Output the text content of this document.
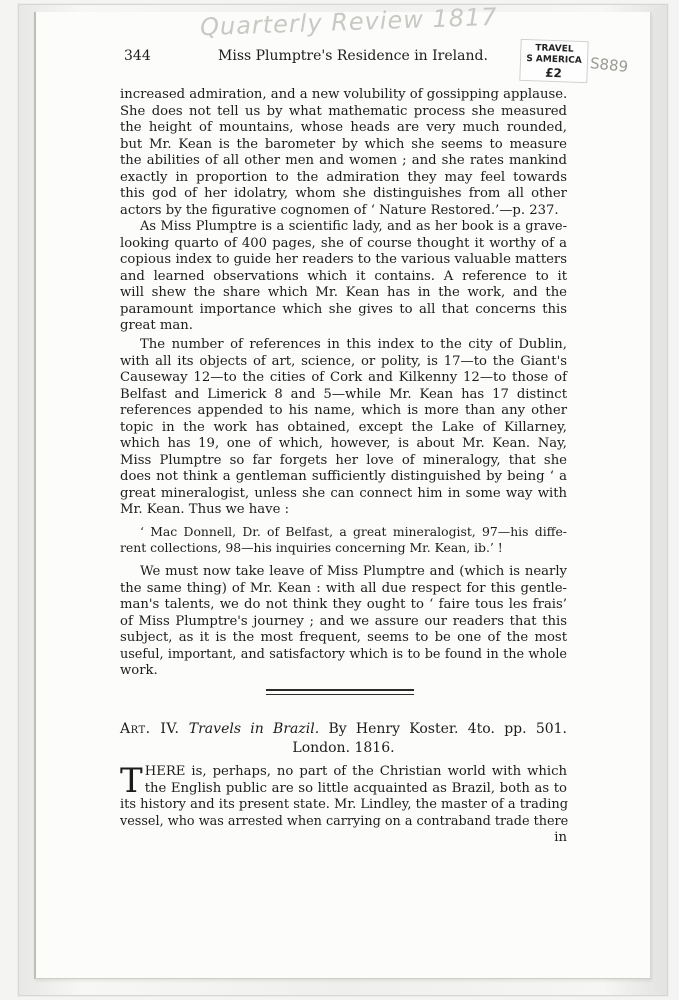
Quarterly Review 1817
TRAVEL
S AMERICA
£2	S889
344	Miss Plumptre's Residence in Ireland.
increased admiration, and a new volubility of gossipping applause.
She does not tell us by what mathematic process she measured
the height of mountains, whose heads are very much rounded,
but Mr. Kean is the barometer by which she seems to measure
the abilities of all other men and women ; and she rates mankind
exactly in proportion to the admiration they may feel towards
this god of her idolatry, whom she distinguishes from all other
actors by the figurative cognomen of ‘ Nature Restored.’—p. 237.
As Miss Plumptre is a scientific lady, and as her book is a grave-
looking quarto of 400 pages, she of course thought it worthy of a
copious index to guide her readers to the various valuable matters
and learned observations which it contains. A reference to it
will shew the share which Mr. Kean has in the work, and the
paramount importance which she gives to all that concerns this
great man.
The number of references in this index to the city of Dublin,
with all its objects of art, science, or polity, is 17—to the Giant's
Causeway 12—to the cities of Cork and Kilkenny 12—to those of
Belfast and Limerick 8 and 5—while Mr. Kean has 17 distinct
references appended to his name, which is more than any other
topic in the work has obtained, except the Lake of Killarney,
which has 19, one of which, however, is about Mr. Kean. Nay,
Miss Plumptre so far forgets her love of mineralogy, that she
does not think a gentleman sufficiently distinguished by being ‘ a
great mineralogist, unless she can connect him in some way with
Mr. Kean. Thus we have :
‘ Mac Donnell, Dr. of Belfast, a great mineralogist, 97—his diffe-
rent collections, 98—his inquiries concerning Mr. Kean, ib.’ !
We must now take leave of Miss Plumptre and (which is nearly
the same thing) of Mr. Kean : with all due respect for this gentle-
man's talents, we do not think they ought to ‘ faire tous les frais’
of Miss Plumptre's journey ; and we assure our readers that this
subject, as it is the most frequent, seems to be one of the most
useful, important, and satisfactory which is to be found in the whole
work.
Art. IV. Travels in Brazil. By Henry Koster. 4to. pp. 501.
London. 1816.
T HERE is, perhaps, no part of the Christian world with which
the English public are so little acquainted as Brazil, both as to
its history and its present state. Mr. Lindley, the master of a trading
vessel, who was arrested when carrying on a contraband trade there
in
